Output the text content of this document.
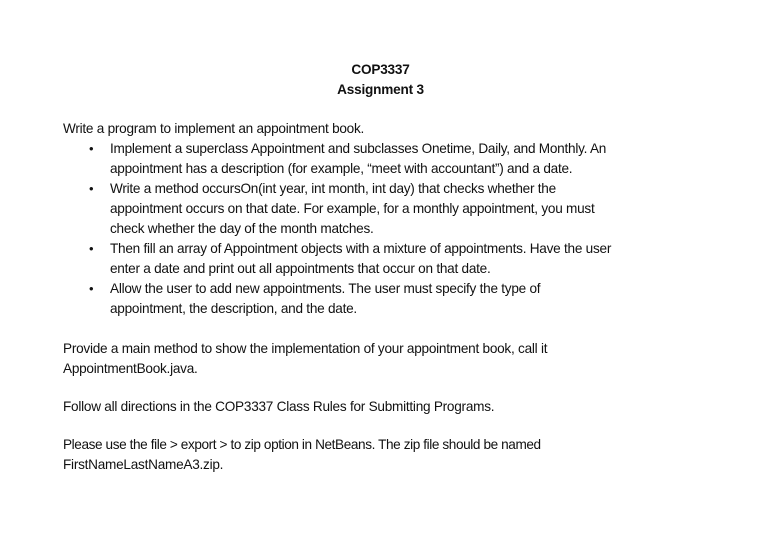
COP3337
Assignment 3
Write a program to implement an appointment book.
• Implement a superclass Appointment and subclasses Onetime, Daily, and Monthly. An
appointment has a description (for example, “meet with accountant”) and a date.
• Write a method occursOn(int year, int month, int day) that checks whether the
appointment occurs on that date. For example, for a monthly appointment, you must
check whether the day of the month matches.
• Then fill an array of Appointment objects with a mixture of appointments. Have the user
enter a date and print out all appointments that occur on that date.
• Allow the user to add new appointments. The user must specify the type of
appointment, the description, and the date.
Provide a main method to show the implementation of your appointment book, call it
AppointmentBook.java.
Follow all directions in the COP3337 Class Rules for Submitting Programs.
Please use the file > export > to zip option in NetBeans. The zip file should be named
FirstNameLastNameA3.zip.
